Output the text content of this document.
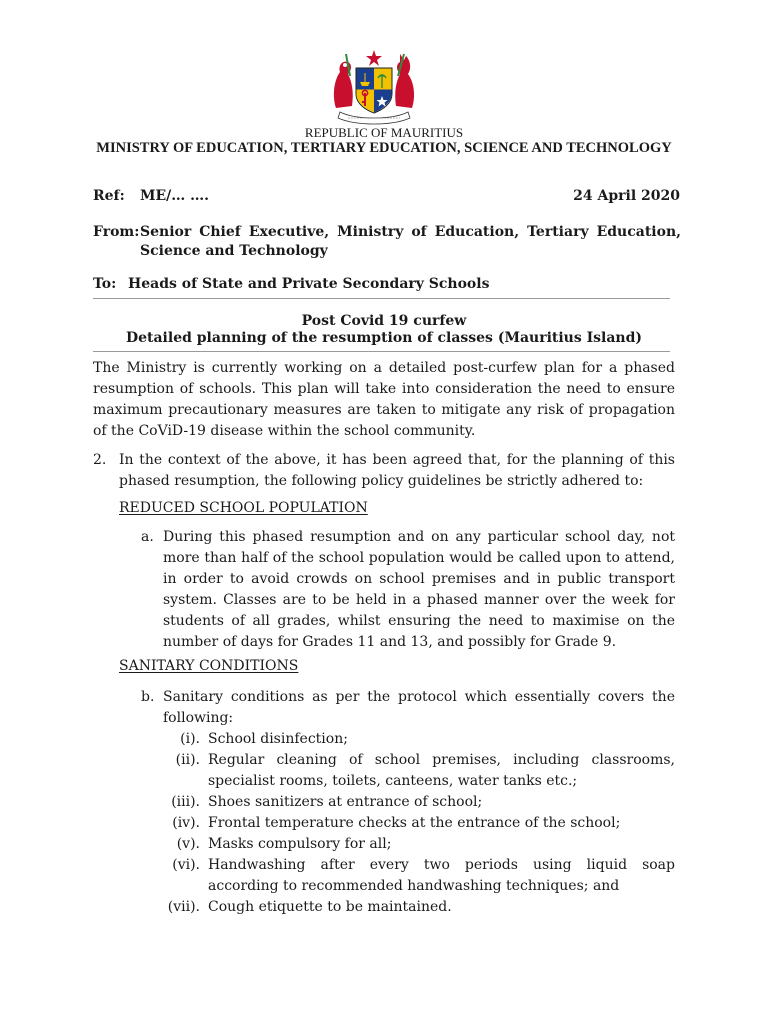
REPUBLIC OF MAURITIUS
MINISTRY OF EDUCATION, TERTIARY EDUCATION, SCIENCE AND TECHNOLOGY
Ref: ME/… ….	24 April 2020
From: Senior Chief Executive, Ministry of Education, Tertiary Education, Science and Technology
To: Heads of State and Private Secondary Schools
Post Covid 19 curfew
Detailed planning of the resumption of classes (Mauritius Island)
The Ministry is currently working on a detailed post-curfew plan for a phased resumption of schools. This plan will take into consideration the need to ensure maximum precautionary measures are taken to mitigate any risk of propagation of the CoViD-19 disease within the school community.
2. In the context of the above, it has been agreed that, for the planning of this phased resumption, the following policy guidelines be strictly adhered to:
REDUCED SCHOOL POPULATION
a. During this phased resumption and on any particular school day, not more than half of the school population would be called upon to attend, in order to avoid crowds on school premises and in public transport system. Classes are to be held in a phased manner over the week for students of all grades, whilst ensuring the need to maximise on the number of days for Grades 11 and 13, and possibly for Grade 9.
SANITARY CONDITIONS
b. Sanitary conditions as per the protocol which essentially covers the following:
(i). School disinfection;
(ii). Regular cleaning of school premises, including classrooms, specialist rooms, toilets, canteens, water tanks etc.;
(iii). Shoes sanitizers at entrance of school;
(iv). Frontal temperature checks at the entrance of the school;
(v). Masks compulsory for all;
(vi). Handwashing after every two periods using liquid soap according to recommended handwashing techniques; and
(vii). Cough etiquette to be maintained.
